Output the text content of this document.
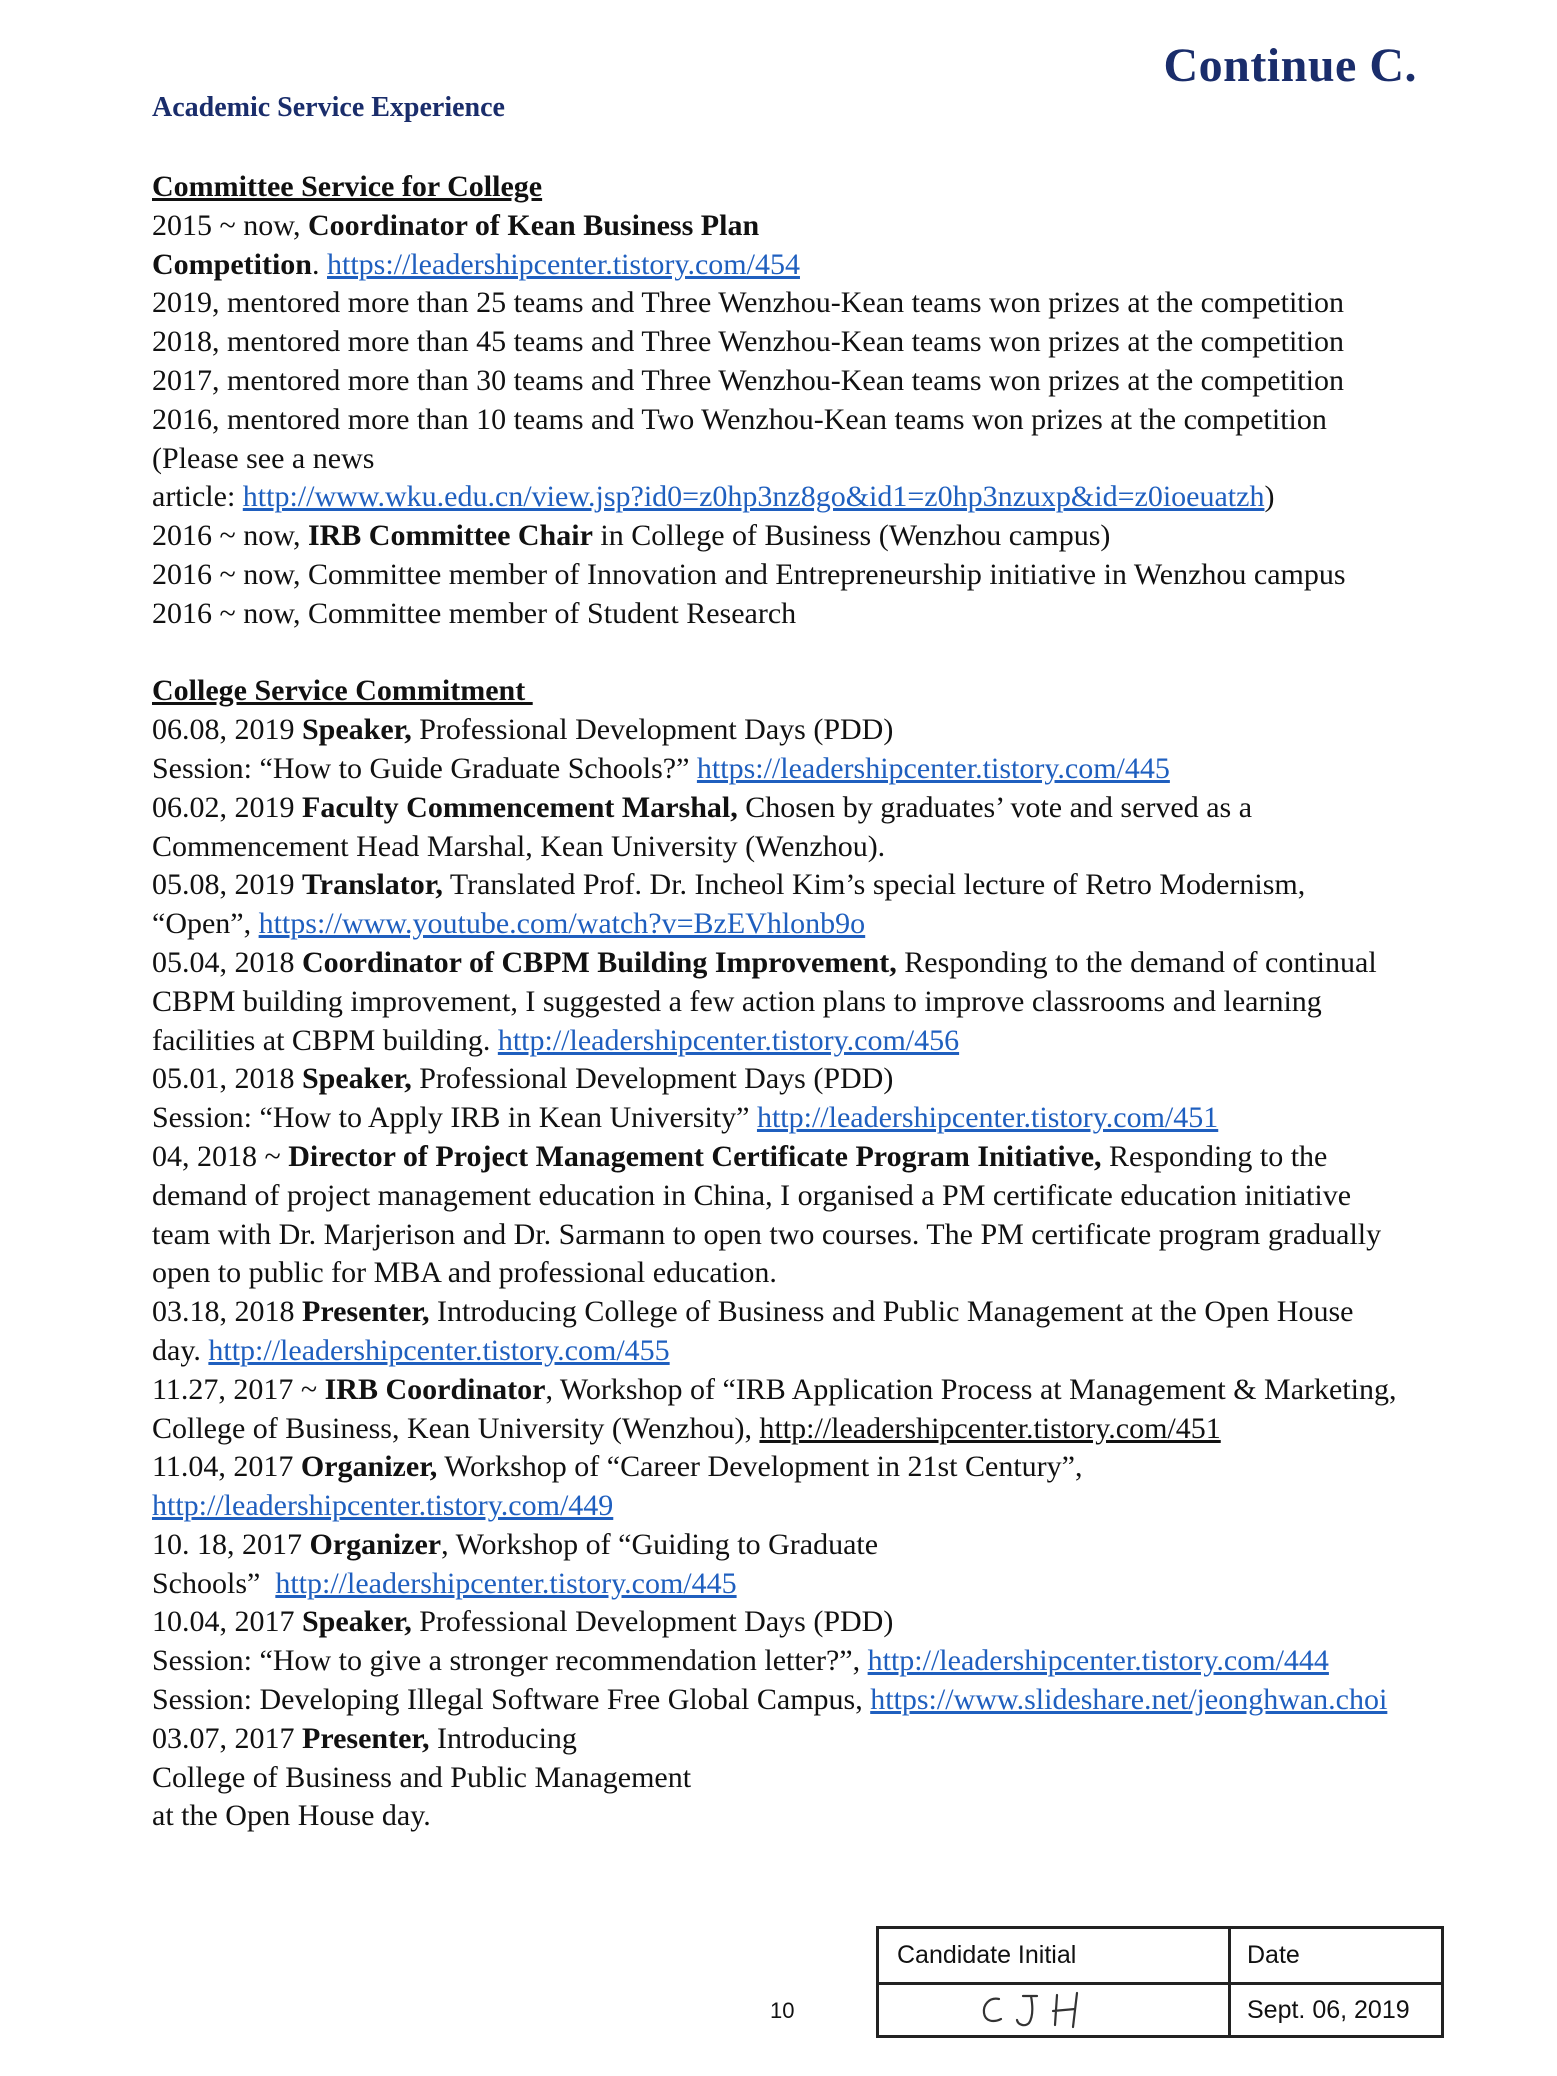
Continue C.
Academic Service Experience
Committee Service for College
2015 ~ now, Coordinator of Kean Business Plan
Competition. https://leadershipcenter.tistory.com/454
2019, mentored more than 25 teams and Three Wenzhou-Kean teams won prizes at the competition
2018, mentored more than 45 teams and Three Wenzhou-Kean teams won prizes at the competition
2017, mentored more than 30 teams and Three Wenzhou-Kean teams won prizes at the competition
2016, mentored more than 10 teams and Two Wenzhou-Kean teams won prizes at the competition
(Please see a news
article: http://www.wku.edu.cn/view.jsp?id0=z0hp3nz8go&id1=z0hp3nzuxp&id=z0ioeuatzh)
2016 ~ now, IRB Committee Chair in College of Business (Wenzhou campus)
2016 ~ now, Committee member of Innovation and Entrepreneurship initiative in Wenzhou campus
2016 ~ now, Committee member of Student Research
College Service Commitment
06.08, 2019 Speaker, Professional Development Days (PDD)
Session: “How to Guide Graduate Schools?” https://leadershipcenter.tistory.com/445
06.02, 2019 Faculty Commencement Marshal, Chosen by graduates’ vote and served as a
Commencement Head Marshal, Kean University (Wenzhou).
05.08, 2019 Translator, Translated Prof. Dr. Incheol Kim’s special lecture of Retro Modernism,
“Open”, https://www.youtube.com/watch?v=BzEVhlonb9o
05.04, 2018 Coordinator of CBPM Building Improvement, Responding to the demand of continual
CBPM building improvement, I suggested a few action plans to improve classrooms and learning
facilities at CBPM building. http://leadershipcenter.tistory.com/456
05.01, 2018 Speaker, Professional Development Days (PDD)
Session: “How to Apply IRB in Kean University” http://leadershipcenter.tistory.com/451
04, 2018 ~ Director of Project Management Certificate Program Initiative, Responding to the
demand of project management education in China, I organised a PM certificate education initiative
team with Dr. Marjerison and Dr. Sarmann to open two courses. The PM certificate program gradually
open to public for MBA and professional education.
03.18, 2018 Presenter, Introducing College of Business and Public Management at the Open House
day. http://leadershipcenter.tistory.com/455
11.27, 2017 ~ IRB Coordinator, Workshop of “IRB Application Process at Management & Marketing,
College of Business, Kean University (Wenzhou), http://leadershipcenter.tistory.com/451
11.04, 2017 Organizer, Workshop of “Career Development in 21st Century”,
http://leadershipcenter.tistory.com/449
10. 18, 2017 Organizer, Workshop of “Guiding to Graduate
Schools”  http://leadershipcenter.tistory.com/445
10.04, 2017 Speaker, Professional Development Days (PDD)
Session: “How to give a stronger recommendation letter?”, http://leadershipcenter.tistory.com/444
Session: Developing Illegal Software Free Global Campus, https://www.slideshare.net/jeonghwan.choi
03.07, 2017 Presenter, Introducing
College of Business and Public Management
at the Open House day.
10
Candidate Initial	Date
Sept. 06, 2019
